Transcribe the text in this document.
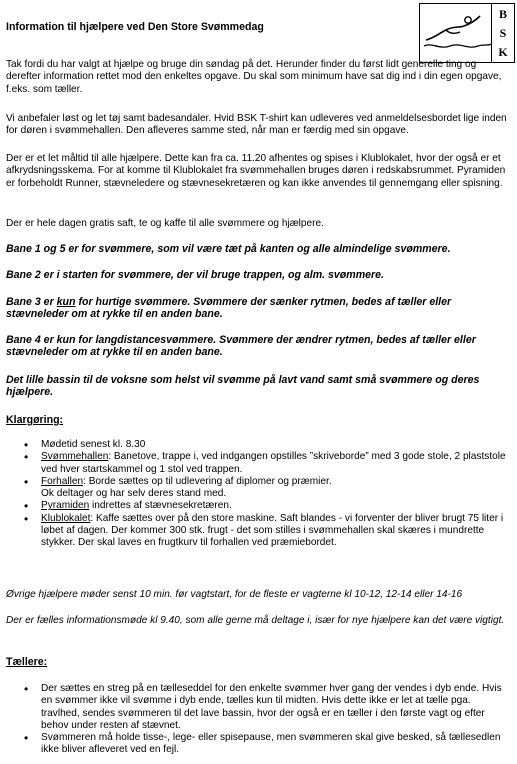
Information til hjælpere ved Den Store Svømmedag
B
S
K

Tak fordi du har valgt at hjælpe og bruge din søndag på det. Herunder finder du først lidt generelle ting og derefter information rettet mod den enkeltes opgave. Du skal som minimum have sat dig ind i din egen opgave, f.eks. som tæller.

Vi anbefaler løst og let tøj samt badesandaler. Hvid BSK T-shirt kan udleveres ved anmeldelsesbordet lige inden for døren i svømmehallen. Den afleveres samme sted, når man er færdig med sin opgave.

Der er et let måltid til alle hjælpere. Dette kan fra ca. 11.20 afhentes og spises i Klublokalet, hvor der også er et afkrydsningsskema. For at komme til Klublokalet fra svømmehallen bruges døren i redskabsrummet. Pyramiden er forbeholdt Runner, stævneledere og stævnesekretæren og kan ikke anvendes til gennemgang eller spisning.

Der er hele dagen gratis saft, te og kaffe til alle svømmere og hjælpere.

Bane 1 og 5 er for svømmere, som vil være tæt på kanten og alle almindelige svømmere.

Bane 2 er i starten for svømmere, der vil bruge trappen, og alm. svømmere.

Bane 3 er kun for hurtige svømmere. Svømmere der sænker rytmen, bedes af tæller eller stævneleder om at rykke til en anden bane.

Bane 4 er kun for langdistancesvømmere. Svømmere der ændrer rytmen, bedes af tæller eller stævneleder om at rykke til en anden bane.

Det lille bassin til de voksne som helst vil svømme på lavt vand samt små svømmere og deres hjælpere.

Klargøring:

• Mødetid senest kl. 8.30
• Svømmehallen: Banetove, trappe i, ved indgangen opstilles ”skriveborde” med 3 gode stole, 2 plaststole ved hver startskammel og 1 stol ved trappen.
• Forhallen: Borde sættes op til udlevering af diplomer og præmier.
Ok deltager og har selv deres stand med.
• Pyramiden indrettes af stævnesekretæren.
• Klublokalet: Kaffe sættes over på den store maskine. Saft blandes - vi forventer der bliver brugt 75 liter i løbet af dagen. Der kommer 300 stk. frugt - det som stilles i svømmehallen skal skæres i mundrette stykker. Der skal laves en frugtkurv til forhallen ved præmiebordet.

Øvrige hjælpere møder senst 10 min. før vagtstart, for de fleste er vagterne kl 10-12, 12-14 eller 14-16

Der er fælles informationsmøde kl 9.40, som alle gerne må deltage i, især for nye hjælpere kan det være vigtigt.

Tællere:

• Der sættes en streg på en tælleseddel for den enkelte svømmer hver gang der vendes i dyb ende. Hvis en svømmer ikke vil svømme i dyb ende, tælles kun til midten. Hvis dette ikke er let at tælle pga. travlhed, sendes svømmeren til det lave bassin, hvor der også er en tæller i den første vagt og efter behov under resten af stævnet.
• Svømmeren må holde tisse-, lege- eller spisepause, men svømmeren skal give besked, så tællesedlen ikke bliver afleveret ved en fejl.
